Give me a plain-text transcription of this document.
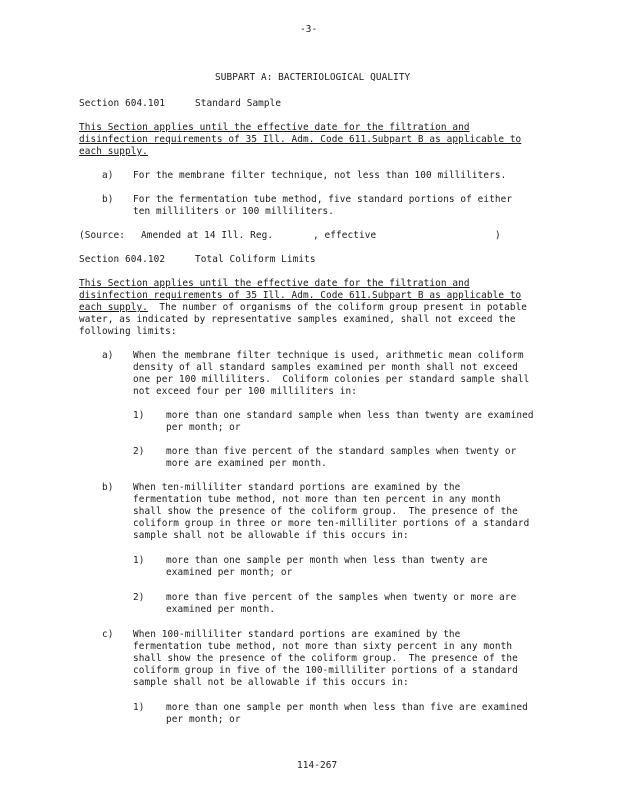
-3-
SUBPART A: BACTERIOLOGICAL QUALITY
Section 604.101	Standard Sample
This Section applies until the effective date for the filtration and
disinfection requirements of 35 Ill. Adm. Code 611.Subpart B as applicable to
each supply.
a) For the membrane filter technique, not less than 100 milliliters.
b) For the fermentation tube method, five standard portions of either
ten milliliters or 100 milliliters.
(Source: Amended at 14 Ill. Reg.	, effective	)
Section 604.102	Total Coliform Limits
This Section applies until the effective date for the filtration and
disinfection requirements of 35 Ill. Adm. Code 611.Subpart B as applicable to
each supply.  The number of organisms of the coliform group present in potable
water, as indicated by representative samples examined, shall not exceed the
following limits:
a) When the membrane filter technique is used, arithmetic mean coliform
density of all standard samples examined per month shall not exceed
one per 100 milliliters.  Coliform colonies per standard sample shall
not exceed four per 100 milliliters in:
1) more than one standard sample when less than twenty are examined
per month; or
2) more than five percent of the standard samples when twenty or
more are examined per month.
b) When ten-milliliter standard portions are examined by the
fermentation tube method, not more than ten percent in any month
shall show the presence of the coliform group.  The presence of the
coliform group in three or more ten-milliliter portions of a standard
sample shall not be allowable if this occurs in:
1) more than one sample per month when less than twenty are
examined per month; or
2) more than five percent of the samples when twenty or more are
examined per month.
c) When 100-milliliter standard portions are examined by the
fermentation tube method, not more than sixty percent in any month
shall show the presence of the coliform group.  The presence of the
coliform group in five of the 100-milliliter portions of a standard
sample shall not be allowable if this occurs in:
1) more than one sample per month when less than five are examined
per month; or
114-267
